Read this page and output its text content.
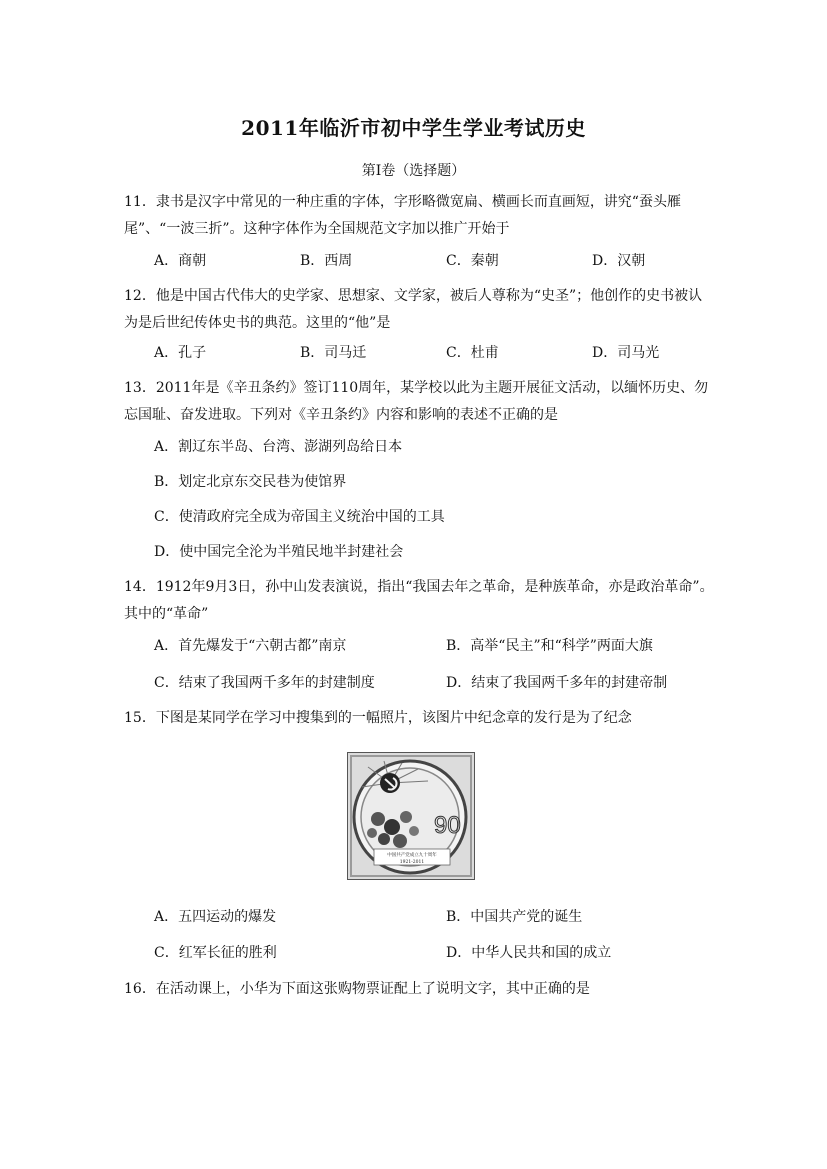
2011年临沂市初中学生学业考试历史
第Ⅰ卷（选择题）
11．隶书是汉字中常见的一种庄重的字体，字形略微宽扁、横画长而直画短，讲究“蚕头雁尾”、“一波三折”。这种字体作为全国规范文字加以推广开始于
A．商朝	B．西周	C．秦朝	D．汉朝
12．他是中国古代伟大的史学家、思想家、文学家，被后人尊称为“史圣”；他创作的史书被认为是后世纪传体史书的典范。这里的“他”是
A．孔子	B．司马迁	C．杜甫	D．司马光
13．2011年是《辛丑条约》签订110周年，某学校以此为主题开展征文活动，以缅怀历史、勿忘国耻、奋发进取。下列对《辛丑条约》内容和影响的表述不正确的是
A．割辽东半岛、台湾、澎湖列岛给日本
B．划定北京东交民巷为使馆界
C．使清政府完全成为帝国主义统治中国的工具
D．使中国完全沦为半殖民地半封建社会
14．1912年9月3日，孙中山发表演说，指出“我国去年之革命，是种族革命，亦是政治革命”。其中的“革命”
A．首先爆发于“六朝古都”南京	B．高举“民主”和“科学”两面大旗
C．结束了我国两千多年的封建制度	D．结束了我国两千多年的封建帝制
15．下图是某同学在学习中搜集到的一幅照片，该图片中纪念章的发行是为了纪念
90
中国共产党成立九十周年
1921-2011
A．五四运动的爆发	B．中国共产党的诞生
C．红军长征的胜利	D．中华人民共和国的成立
16．在活动课上，小华为下面这张购物票证配上了说明文字，其中正确的是
